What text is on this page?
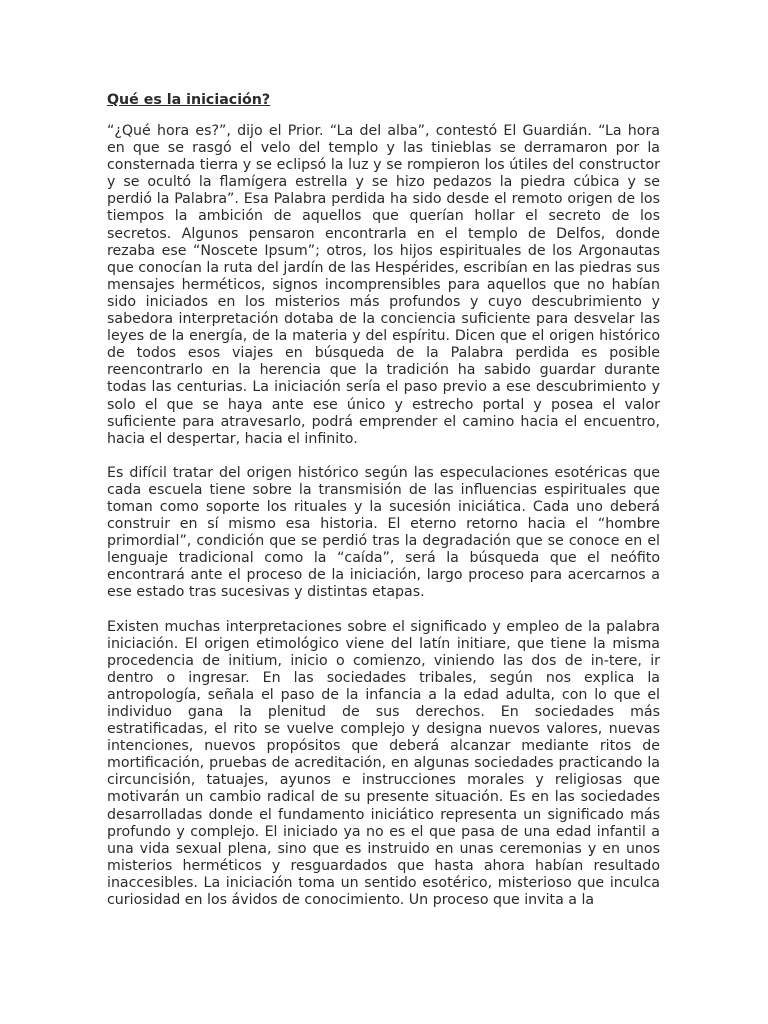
Qué es la iniciación?

“¿Qué hora es?”, dijo el Prior. “La del alba”, contestó El Guardián. “La hora en que se rasgó el velo del templo y las tinieblas se derramaron por la consternada tierra y se eclipsó la luz y se rompieron los útiles del constructor y se ocultó la flamígera estrella y se hizo pedazos la piedra cúbica y se perdió la Palabra”. Esa Palabra perdida ha sido desde el remoto origen de los tiempos la ambición de aquellos que querían hollar el secreto de los secretos. Algunos pensaron encontrarla en el templo de Delfos, donde rezaba ese “Noscete Ipsum”; otros, los hijos espirituales de los Argonautas que conocían la ruta del jardín de las Hespérides, escribían en las piedras sus mensajes herméticos, signos incomprensibles para aquellos que no habían sido iniciados en los misterios más profundos y cuyo descubrimiento y sabedora interpretación dotaba de la conciencia suficiente para desvelar las leyes de la energía, de la materia y del espíritu. Dicen que el origen histórico de todos esos viajes en búsqueda de la Palabra perdida es posible reencontrarlo en la herencia que la tradición ha sabido guardar durante todas las centurias. La iniciación sería el paso previo a ese descubrimiento y solo el que se haya ante ese único y estrecho portal y posea el valor suficiente para atravesarlo, podrá emprender el camino hacia el encuentro, hacia el despertar, hacia el infinito.

Es difícil tratar del origen histórico según las especulaciones esotéricas que cada escuela tiene sobre la transmisión de las influencias espirituales que toman como soporte los rituales y la sucesión iniciática. Cada uno deberá construir en sí mismo esa historia. El eterno retorno hacia el “hombre primordial”, condición que se perdió tras la degradación que se conoce en el lenguaje tradicional como la “caída”, será la búsqueda que el neófito encontrará ante el proceso de la iniciación, largo proceso para acercarnos a ese estado tras sucesivas y distintas etapas.

Existen muchas interpretaciones sobre el significado y empleo de la palabra iniciación. El origen etimológico viene del latín initiare, que tiene la misma procedencia de initium, inicio o comienzo, viniendo las dos de in-tere, ir dentro o ingresar. En las sociedades tribales, según nos explica la antropología, señala el paso de la infancia a la edad adulta, con lo que el individuo gana la plenitud de sus derechos. En sociedades más estratificadas, el rito se vuelve complejo y designa nuevos valores, nuevas intenciones, nuevos propósitos que deberá alcanzar mediante ritos de mortificación, pruebas de acreditación, en algunas sociedades practicando la circuncisión, tatuajes, ayunos e instrucciones morales y religiosas que motivarán un cambio radical de su presente situación. Es en las sociedades desarrolladas donde el fundamento iniciático representa un significado más profundo y complejo. El iniciado ya no es el que pasa de una edad infantil a una vida sexual plena, sino que es instruido en unas ceremonias y en unos misterios herméticos y resguardados que hasta ahora habían resultado inaccesibles. La iniciación toma un sentido esotérico, misterioso que inculca curiosidad en los ávidos de conocimiento. Un proceso que invita a la
